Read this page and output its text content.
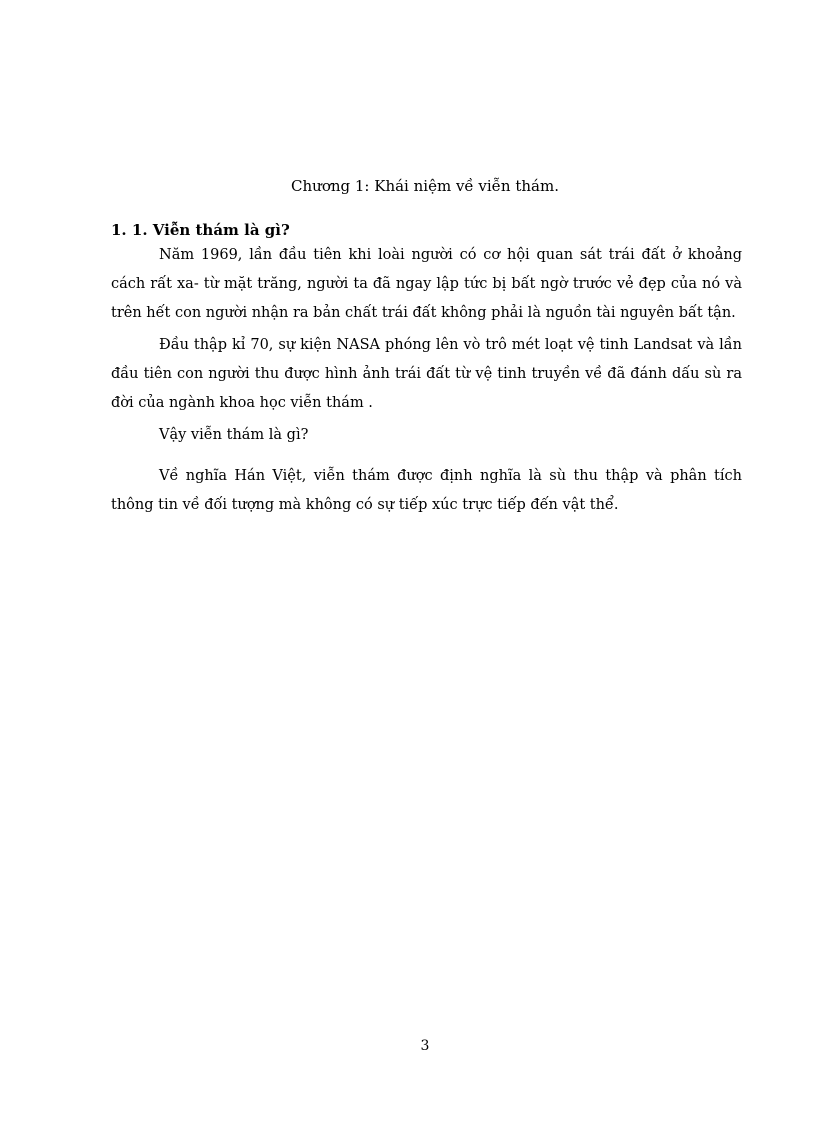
Chương 1: Khái niệm về viễn thám.
1. 1. Viễn thám là gì?
Năm 1969, lần đầu tiên khi loài người có cơ hội quan sát trái đất ở khoảng cách rất xa- từ mặt trăng, người ta đã ngay lập tức bị bất ngờ trước vẻ đẹp của nó và trên hết con người nhận ra bản chất trái đất không phải là nguồn tài nguyên bất tận.
Đầu thập kỉ 70, sự kiện NASA phóng lên vò trô mét loạt vệ tinh Landsat và lần đầu tiên con người thu được hình ảnh trái đất từ vệ tinh truyền về đã đánh dấu sù ra đời của ngành khoa học viễn thám .
Vậy viễn thám là gì?
Về nghĩa Hán Việt, viễn thám được định nghĩa là sù thu thập và phân tích thông tin về đối tượng mà không có sự tiếp xúc trực tiếp đến vật thể.
3
